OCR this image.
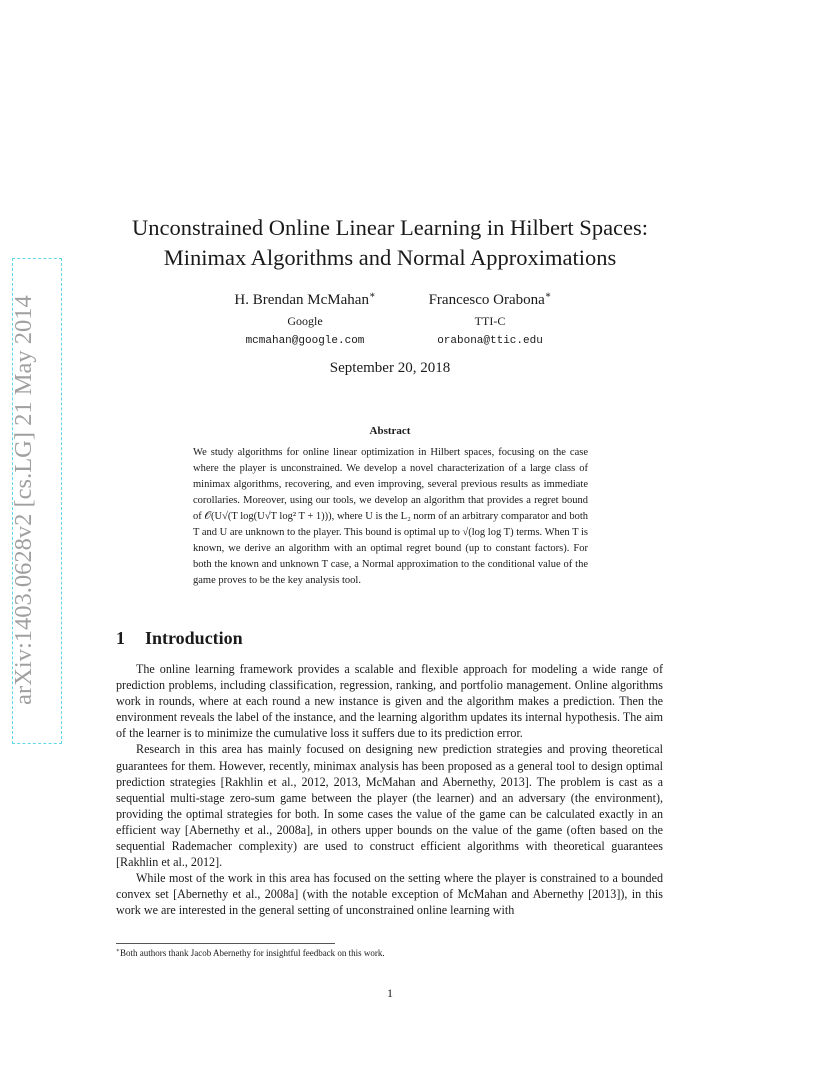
arXiv:1403.0628v2 [cs.LG] 21 May 2014
Unconstrained Online Linear Learning in Hilbert Spaces:
Minimax Algorithms and Normal Approximations
H. Brendan McMahan∗
Google
mcmahan@google.com
Francesco Orabona∗
TTI-C
orabona@ttic.edu
September 20, 2018
Abstract
We study algorithms for online linear optimization in Hilbert spaces, focusing on the case where the player is unconstrained. We develop a novel characterization of a large class of minimax algorithms, recovering, and even improving, several previous results as immediate corollaries. Moreover, using our tools, we develop an algorithm that provides a regret bound of 𝒪(U√(T log(U√T log² T + 1))), where U is the L₂ norm of an arbitrary comparator and both T and U are unknown to the player. This bound is optimal up to √(log log T) terms. When T is known, we derive an algorithm with an optimal regret bound (up to constant factors). For both the known and unknown T case, a Normal approximation to the conditional value of the game proves to be the key analysis tool.
1 Introduction

The online learning framework provides a scalable and flexible approach for modeling a wide range of prediction problems, including classification, regression, ranking, and portfolio management. Online algorithms work in rounds, where at each round a new instance is given and the algorithm makes a prediction. Then the environment reveals the label of the instance, and the learning algorithm updates its internal hypothesis. The aim of the learner is to minimize the cumulative loss it suffers due to its prediction error.

Research in this area has mainly focused on designing new prediction strategies and proving theoretical guarantees for them. However, recently, minimax analysis has been proposed as a general tool to design optimal prediction strategies [Rakhlin et al., 2012, 2013, McMahan and Abernethy, 2013]. The problem is cast as a sequential multi-stage zero-sum game between the player (the learner) and an adversary (the environment), providing the optimal strategies for both. In some cases the value of the game can be calculated exactly in an efficient way [Abernethy et al., 2008a], in others upper bounds on the value of the game (often based on the sequential Rademacher complexity) are used to construct efficient algorithms with theoretical guarantees [Rakhlin et al., 2012].

While most of the work in this area has focused on the setting where the player is constrained to a bounded convex set [Abernethy et al., 2008a] (with the notable exception of McMahan and Abernethy [2013]), in this work we are interested in the general setting of unconstrained online learning with

∗Both authors thank Jacob Abernethy for insightful feedback on this work.
1
